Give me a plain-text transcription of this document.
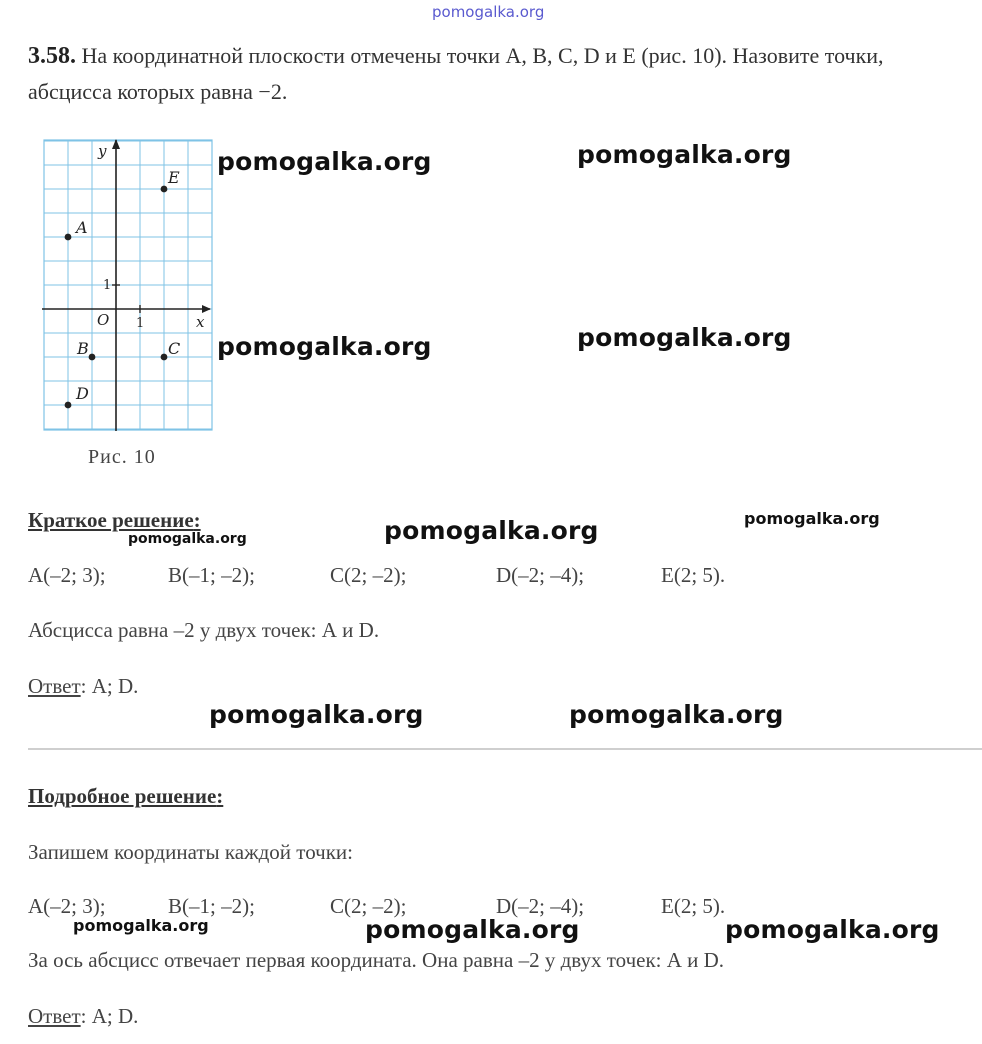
pomogalka.org
3.58. На координатной плоскости отмечены точки A, B, C, D и E (рис. 10). Назовите точки, абсцисса которых равна −2.
y
x
O 1
1
A
B	C
D
E
Рис. 10
pomogalka.org	pomogalka.org
pomogalka.org	pomogalka.org
Краткое решение:
pomogalka.org	pomogalka.org	pomogalka.org
A(–2; 3);	B(–1; –2);	C(2; –2);	D(–2; –4);	E(2; 5).
Абсцисса равна –2 у двух точек: А и D.
Ответ: А; D.
pomogalka.org	pomogalka.org
Подробное решение:
Запишем координаты каждой точки:
A(–2; 3);	B(–1; –2);	C(2; –2);	D(–2; –4);	E(2; 5).
pomogalka.org	pomogalka.org	pomogalka.org
За ось абсцисс отвечает первая координата. Она равна –2 у двух точек: А и D.
Ответ: А; D.
